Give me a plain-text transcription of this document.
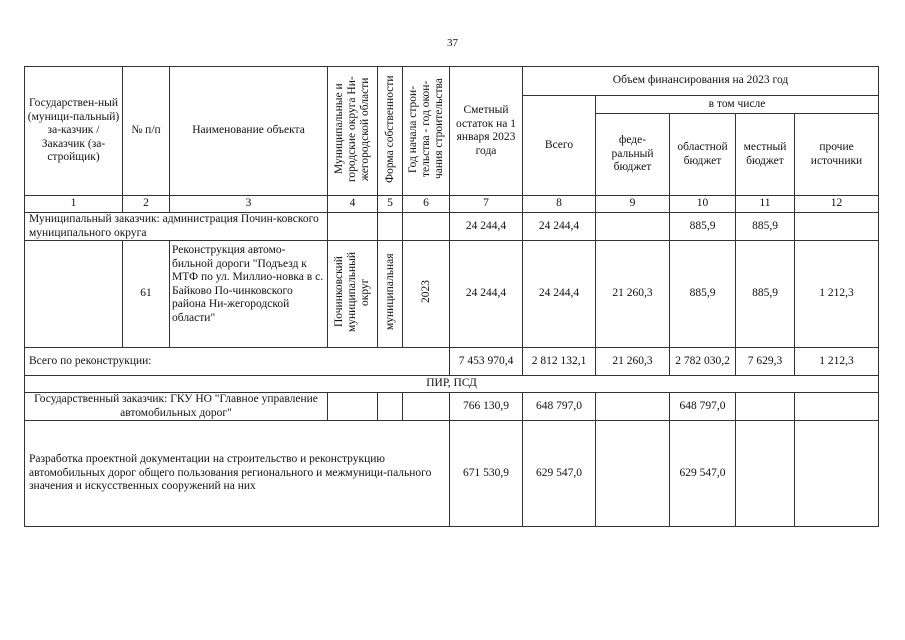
37
Государствен-ный (муници-пальный) за-казчик / Заказчик (за-стройщик)	№ п/п	Наименование объекта	Муниципальные и городские округа Ни-жегородской области	Форма собственности	Год начала строи-тельства - год окон-чания строительства	Сметный остаток на 1 января 2023 года	Объем финансирования на 2023 год				
							Всего	в том числе			
								феде-ральный бюджет	областной бюджет	местный бюджет	прочие источники
1	2	3	4	5	6	7	8	9	10	11	12
Муниципальный заказчик: администрация Почин-ковского муниципального округа						24 244,4	24 244,4		885,9	885,9	
	61	Реконструкция автомо-бильной дороги "Подъезд к МТФ по ул. Миллио-новка в с. Байково По-чинковского района Ни-жегородской области"	Починковский муниципальный округ	муниципальная	2023	24 244,4	24 244,4	21 260,3	885,9	885,9	1 212,3
Всего по реконструкции:						7 453 970,4	2 812 132,1	21 260,3	2 782 030,2	7 629,3	1 212,3
ПИР, ПСД											
Государственный заказчик: ГКУ НО "Главное управление автомобильных дорог"						766 130,9	648 797,0		648 797,0		
Разработка проектной документации на строительство и реконструкцию автомобильных дорог общего пользования регионального и межмуници-пального значения и искусственных сооружений на них						671 530,9	629 547,0		629 547,0		
